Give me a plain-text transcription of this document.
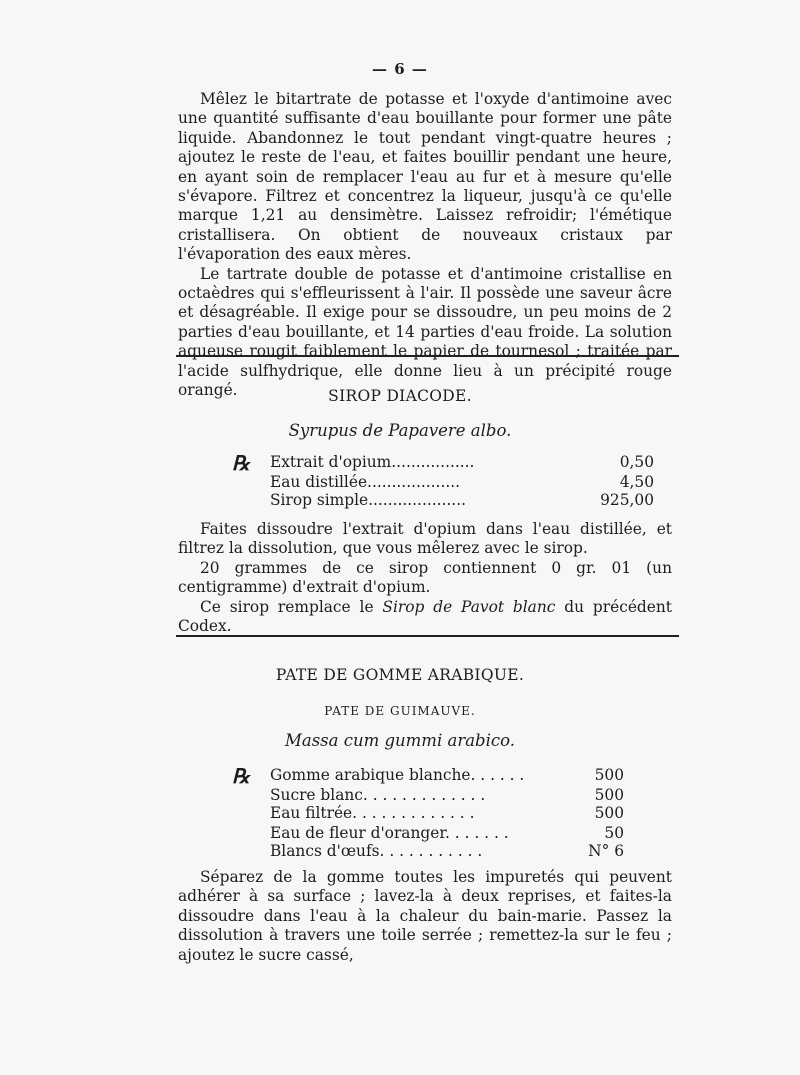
— 6 —

Mêlez le bitartrate de potasse et l'oxyde d'antimoine avec une quantité suffisante d'eau bouillante pour former une pâte liquide. Abandonnez le tout pendant vingt-quatre heures ; ajoutez le reste de l'eau, et faites bouillir pendant une heure, en ayant soin de remplacer l'eau au fur et à mesure qu'elle s'évapore. Filtrez et concentrez la liqueur, jusqu'à ce qu'elle marque 1,21 au densimètre. Laissez refroidir; l'émétique cristallisera. On obtient de nouveaux cristaux par l'évaporation des eaux mères.

Le tartrate double de potasse et d'antimoine cristallise en octaèdres qui s'effleurissent à l'air. Il possède une saveur âcre et désagréable. Il exige pour se dissoudre, un peu moins de 2 parties d'eau bouillante, et 14 parties d'eau froide. La solution aqueuse rougit faiblement le papier de tournesol ; traitée par l'acide sulfhydrique, elle donne lieu à un précipité rouge orangé.	SIROP DIACODE.
Syrupus de Papavere albo.
℞ Extrait d'opium.................	0,50
Eau distillée...................	4,50
Sirop simple....................	925,00

Faites dissoudre l'extrait d'opium dans l'eau distillée, et filtrez la dissolution, que vous mêlerez avec le sirop.

20 grammes de ce sirop contiennent 0 gr. 01 (un centigramme) d'extrait d'opium.

Ce sirop remplace le Sirop de Pavot blanc du précédent Codex.

PATE DE GOMME ARABIQUE.
PATE DE GUIMAUVE.
Massa cum gummi arabico.
℞ Gomme arabique blanche. . . . . .	500
Sucre blanc. . . . . . . . . . . . .	500
Eau filtrée. . . . . . . . . . . . .	500
Eau de fleur d'oranger. . . . . . .	50
Blancs d'œufs. . . . . . . . . . .	N° 6

Séparez de la gomme toutes les impuretés qui peuvent adhérer à sa surface ; lavez-la à deux reprises, et faites-la dissoudre dans l'eau à la chaleur du bain-marie. Passez la dissolution à travers une toile serrée ; remettez-la sur le feu ; ajoutez le sucre cassé,
